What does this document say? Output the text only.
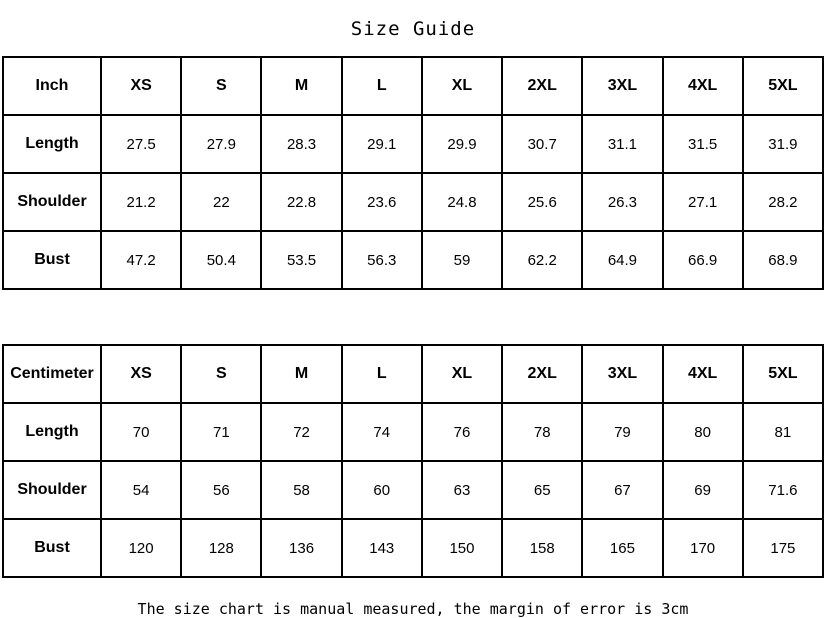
Size Guide
Inch	XS	S	M	L	XL	2XL	3XL	4XL	5XL
Length	27.5	27.9	28.3	29.1	29.9	30.7	31.1	31.5	31.9
Shoulder	21.2	22	22.8	23.6	24.8	25.6	26.3	27.1	28.2
Bust	47.2	50.4	53.5	56.3	59	62.2	64.9	66.9	68.9
Centimeter	XS	S	M	L	XL	2XL	3XL	4XL	5XL
Length	70	71	72	74	76	78	79	80	81
Shoulder	54	56	58	60	63	65	67	69	71.6
Bust	120	128	136	143	150	158	165	170	175
The size chart is manual measured, the margin of error is 3cm
